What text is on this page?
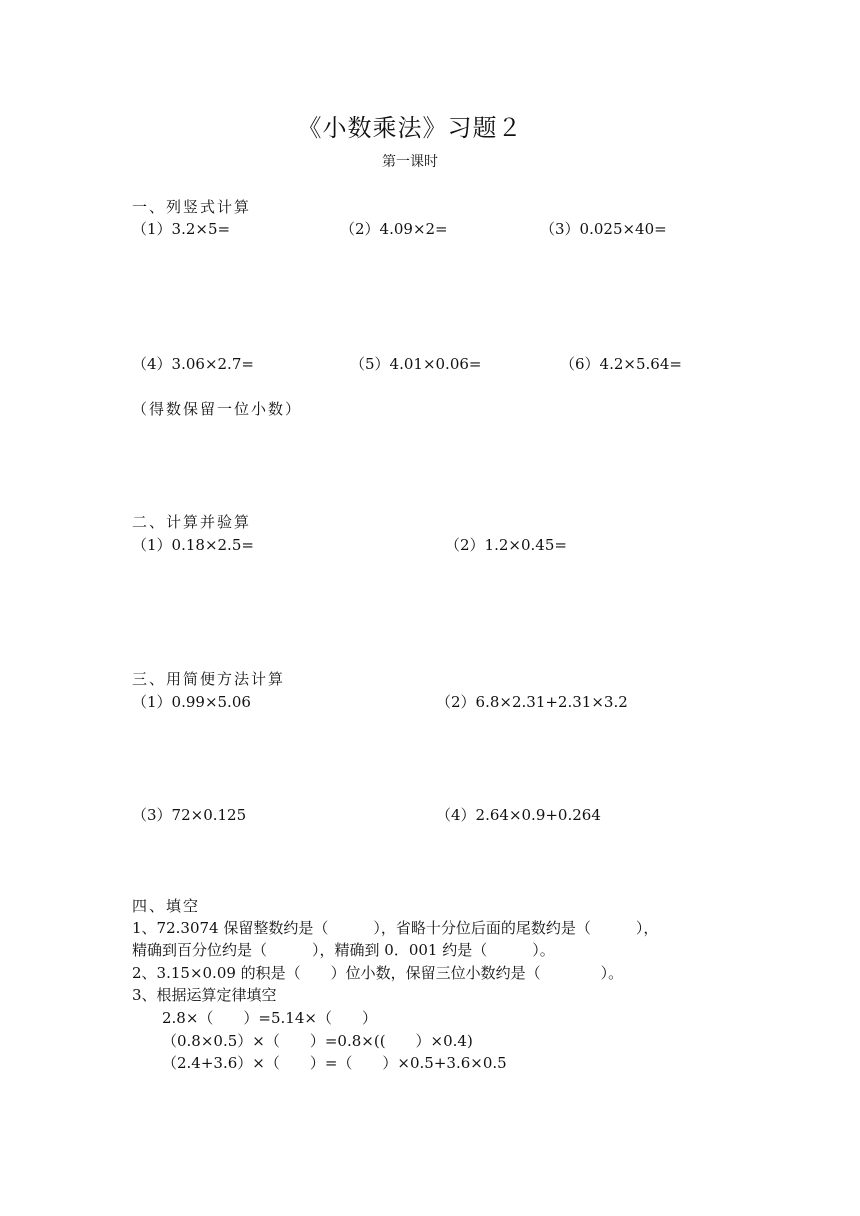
《小数乘法》习题２
第一课时
一、列竖式计算
（1）3.2×5=	（2）4.09×2=	（3）0.025×40=
（4）3.06×2.7=	（5）4.01×0.06=	（6）4.2×5.64=
（得数保留一位小数）
二、计算并验算
（1）0.18×2.5=	（2）1.2×0.45=
三、用简便方法计算
（1）0.99×5.06	（2）6.8×2.31+2.31×3.2
（3）72×0.125	（4）2.64×0.9+0.264
四、填空
1、72.3074 保留整数约是（　　　），省略十分位后面的尾数约是（　　　），
精确到百分位约是（　　　），精确到 0．001 约是（　　　）。
2、3.15×0.09 的积是（　　）位小数，保留三位小数约是（　　　　）。
3、根据运算定律填空
2.8×（　　）=5.14×（　　）
（0.8×0.5）×（　　）=0.8×((　　）×0.4)
（2.4+3.6）×（　　）=（　　）×0.5+3.6×0.5
